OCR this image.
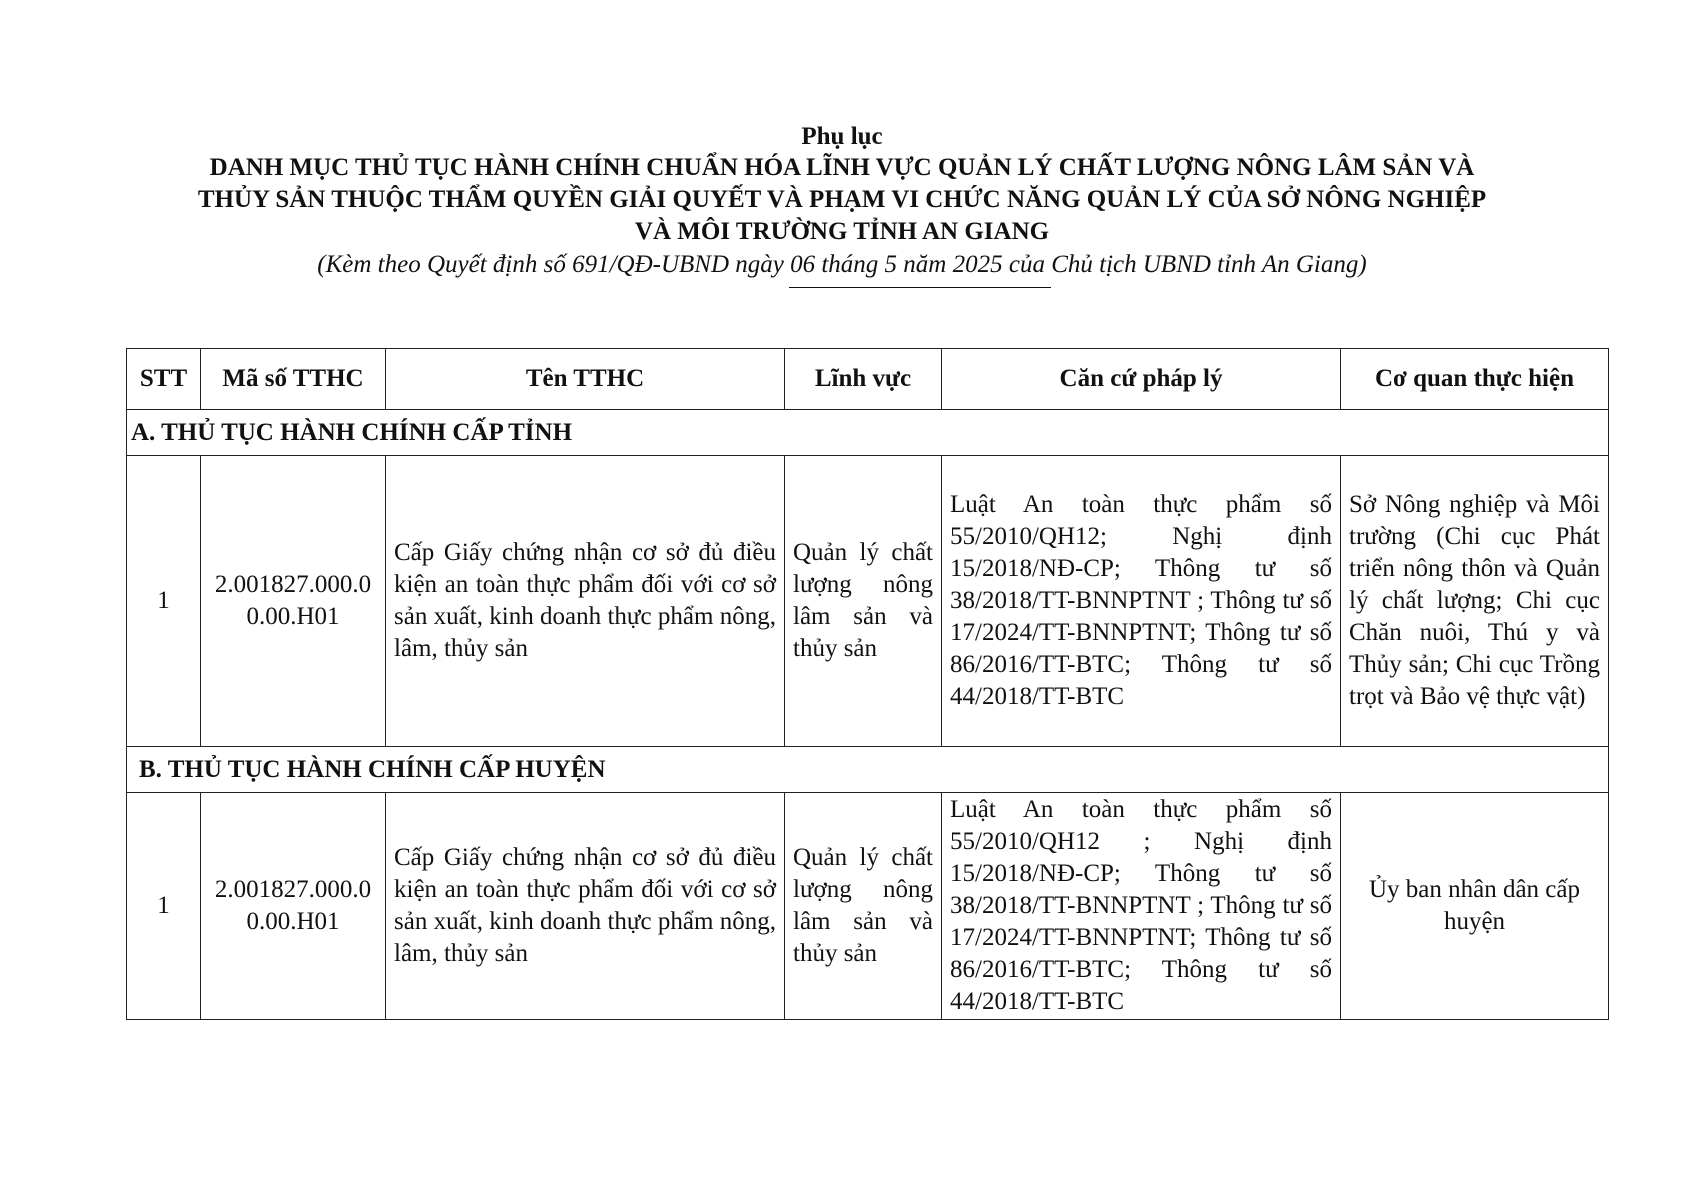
Phụ lục
DANH MỤC THỦ TỤC HÀNH CHÍNH CHUẨN HÓA LĨNH VỰC QUẢN LÝ CHẤT LƯỢNG NÔNG LÂM SẢN VÀ
THỦY SẢN THUỘC THẨM QUYỀN GIẢI QUYẾT VÀ PHẠM VI CHỨC NĂNG QUẢN LÝ CỦA SỞ NÔNG NGHIỆP
VÀ MÔI TRƯỜNG TỈNH AN GIANG
(Kèm theo Quyết định số 691/QĐ-UBND ngày 06 tháng 5 năm 2025 của Chủ tịch UBND tỉnh An Giang)
STT	Mã số TTHC	Tên TTHC	Lĩnh vực	Căn cứ pháp lý	Cơ quan thực hiện
A. THỦ TỤC HÀNH CHÍNH CẤP TỈNH					
1	2.001827.000.00.00.H01	Cấp Giấy chứng nhận cơ sở đủ điều kiện an toàn thực phẩm đối với cơ sở sản xuất, kinh doanh thực phẩm nông, lâm, thủy sản	Quản lý chất lượng nông lâm sản và thủy sản	Luật An toàn thực phẩm số 55/2010/QH12; Nghị định 15/2018/NĐ-CP; Thông tư số 38/2018/TT-BNNPTNT ; Thông tư số 17/2024/TT-BNNPTNT; Thông tư số 86/2016/TT-BTC; Thông tư số 44/2018/TT-BTC	Sở Nông nghiệp và Môi trường (Chi cục Phát triển nông thôn và Quản lý chất lượng; Chi cục Chăn nuôi, Thú y và Thủy sản; Chi cục Trồng trọt và Bảo vệ thực vật)
B. THỦ TỤC HÀNH CHÍNH CẤP HUYỆN					
1	2.001827.000.00.00.H01	Cấp Giấy chứng nhận cơ sở đủ điều kiện an toàn thực phẩm đối với cơ sở sản xuất, kinh doanh thực phẩm nông, lâm, thủy sản	Quản lý chất lượng nông lâm sản và thủy sản	Luật An toàn thực phẩm số 55/2010/QH12 ; Nghị định 15/2018/NĐ-CP; Thông tư số 38/2018/TT-BNNPTNT ; Thông tư số 17/2024/TT-BNNPTNT; Thông tư số 86/2016/TT-BTC; Thông tư số 44/2018/TT-BTC	Ủy ban nhân dân cấp huyện
